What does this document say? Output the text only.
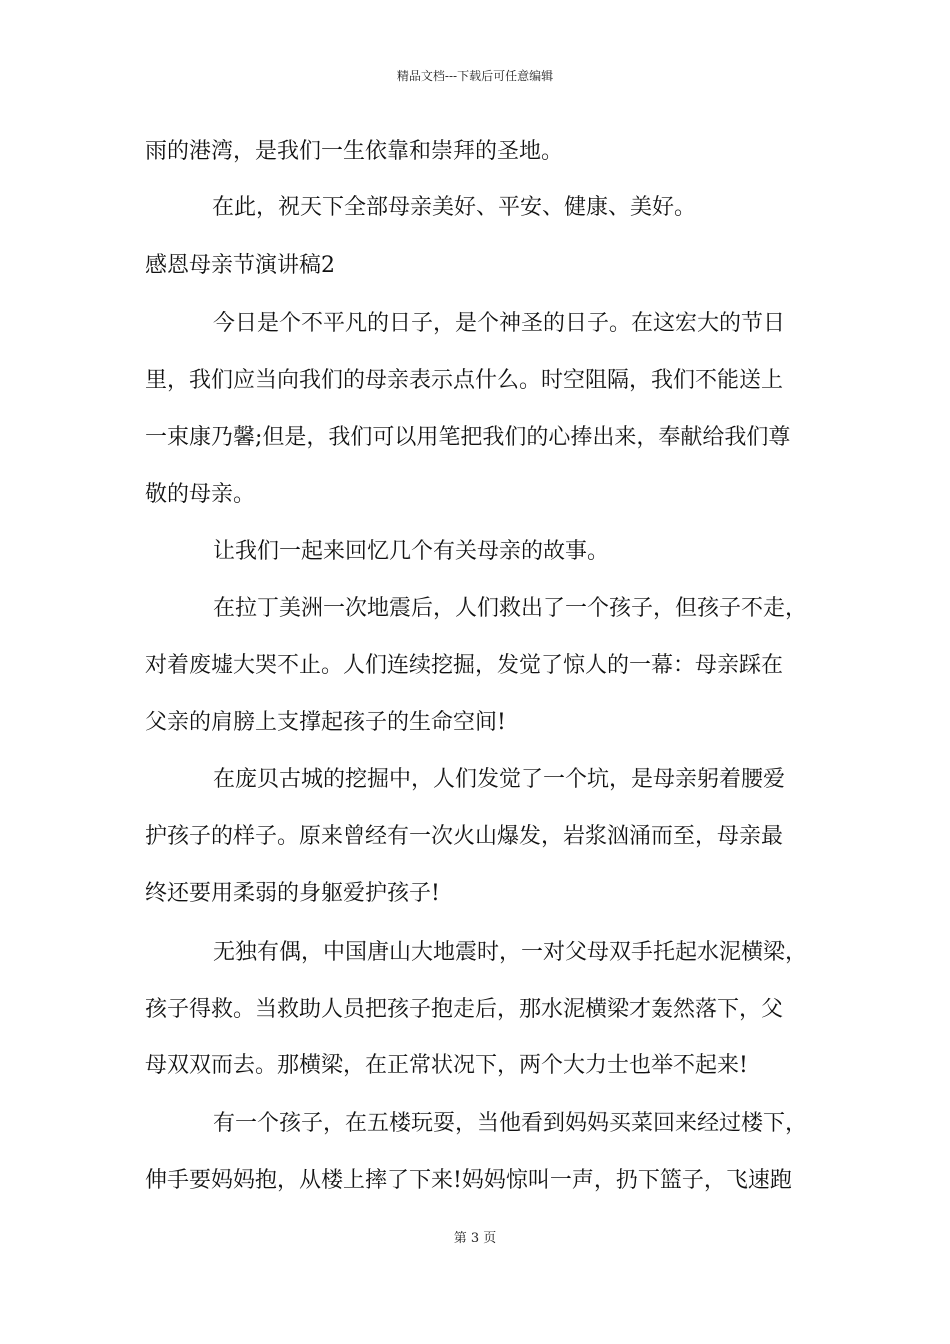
精品文档---下载后可任意编辑
雨的港湾，是我们一生依靠和崇拜的圣地。
在此，祝天下全部母亲美好、平安、健康、美好。
感恩母亲节演讲稿2
今日是个不平凡的日子，是个神圣的日子。在这宏大的节日
里，我们应当向我们的母亲表示点什么。时空阻隔，我们不能送上
一束康乃馨;但是，我们可以用笔把我们的心捧出来，奉献给我们尊
敬的母亲。
让我们一起来回忆几个有关母亲的故事。
在拉丁美洲一次地震后，人们救出了一个孩子，但孩子不走，
对着废墟大哭不止。人们连续挖掘，发觉了惊人的一幕：母亲踩在
父亲的肩膀上支撑起孩子的生命空间!
在庞贝古城的挖掘中，人们发觉了一个坑，是母亲躬着腰爱
护孩子的样子。原来曾经有一次火山爆发，岩浆汹涌而至，母亲最
终还要用柔弱的身躯爱护孩子!
无独有偶，中国唐山大地震时，一对父母双手托起水泥横梁，
孩子得救。当救助人员把孩子抱走后，那水泥横梁才轰然落下，父
母双双而去。那横梁，在正常状况下，两个大力士也举不起来!
有一个孩子，在五楼玩耍，当他看到妈妈买菜回来经过楼下，
伸手要妈妈抱，从楼上摔了下来!妈妈惊叫一声，扔下篮子，飞速跑
第 3 页
